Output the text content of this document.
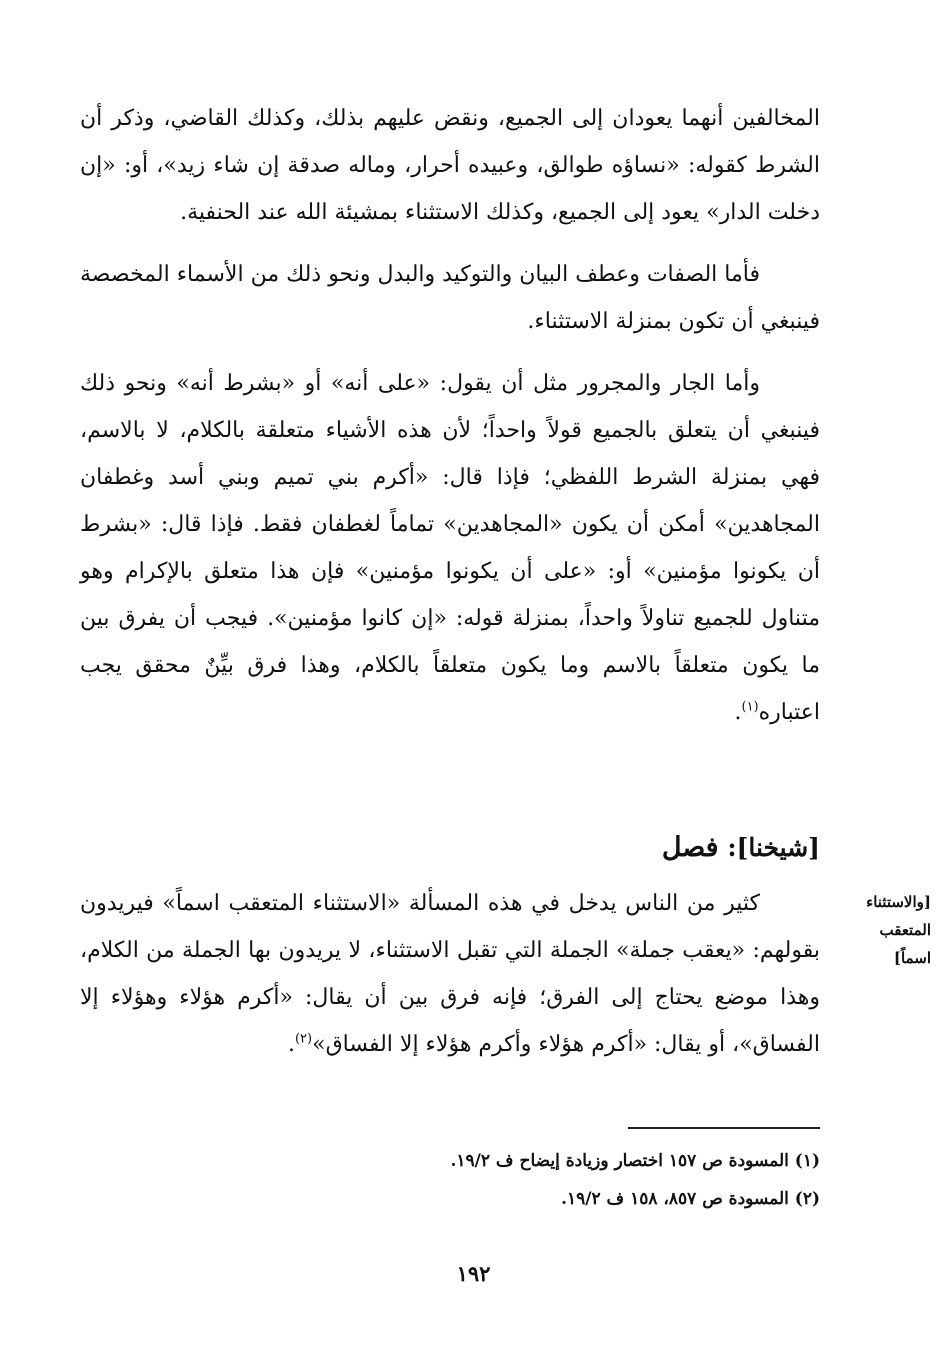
المخالفين أنهما يعودان إلى الجميع، ونقض عليهم بذلك، وكذلك القاضي، وذكر أن الشرط كقوله: «نساؤه طوالق، وعبيده أحرار، وماله صدقة إن شاء زيد»، أو: «إن دخلت الدار» يعود إلى الجميع، وكذلك الاستثناء بمشيئة الله عند الحنفية.

فأما الصفات وعطف البيان والتوكيد والبدل ونحو ذلك من الأسماء المخصصة فينبغي أن تكون بمنزلة الاستثناء.

وأما الجار والمجرور مثل أن يقول: «على أنه» أو «بشرط أنه» ونحو ذلك فينبغي أن يتعلق بالجميع قولاً واحداً؛ لأن هذه الأشياء متعلقة بالكلام، لا بالاسم، فهي بمنزلة الشرط اللفظي؛ فإذا قال: «أكرم بني تميم وبني أسد وغطفان المجاهدين» أمكن أن يكون «المجاهدين» تماماً لغطفان فقط. فإذا قال: «بشرط أن يكونوا مؤمنين» أو: «على أن يكونوا مؤمنين» فإن هذا متعلق بالإكرام وهو متناول للجميع تناولاً واحداً، بمنزلة قوله: «إن كانوا مؤمنين». فيجب أن يفرق بين ما يكون متعلقاً بالاسم وما يكون متعلقاً بالكلام، وهذا فرق بيِّنٌ محقق يجب اعتباره$^{(١)}$.

[شيخنا]: فصل
[والاستثناء
المتعقب
اسماً]

كثير من الناس يدخل في هذه المسألة «الاستثناء المتعقب اسماً» فيريدون بقولهم: «يعقب جملة» الجملة التي تقبل الاستثناء، لا يريدون بها الجملة من الكلام، وهذا موضع يحتاج إلى الفرق؛ فإنه فرق بين أن يقال: «أكرم هؤلاء وهؤلاء إلا الفساق»، أو يقال: «أكرم هؤلاء وأكرم هؤلاء إلا الفساق»$^{(٢)}$.

(١) المسودة ص ١٥٧ اختصار وزيادة إيضاح ف ١٩/٢.

(٢) المسودة ص ٨٥٧، ١٥٨ ف ١٩/٢.

١٩٢
